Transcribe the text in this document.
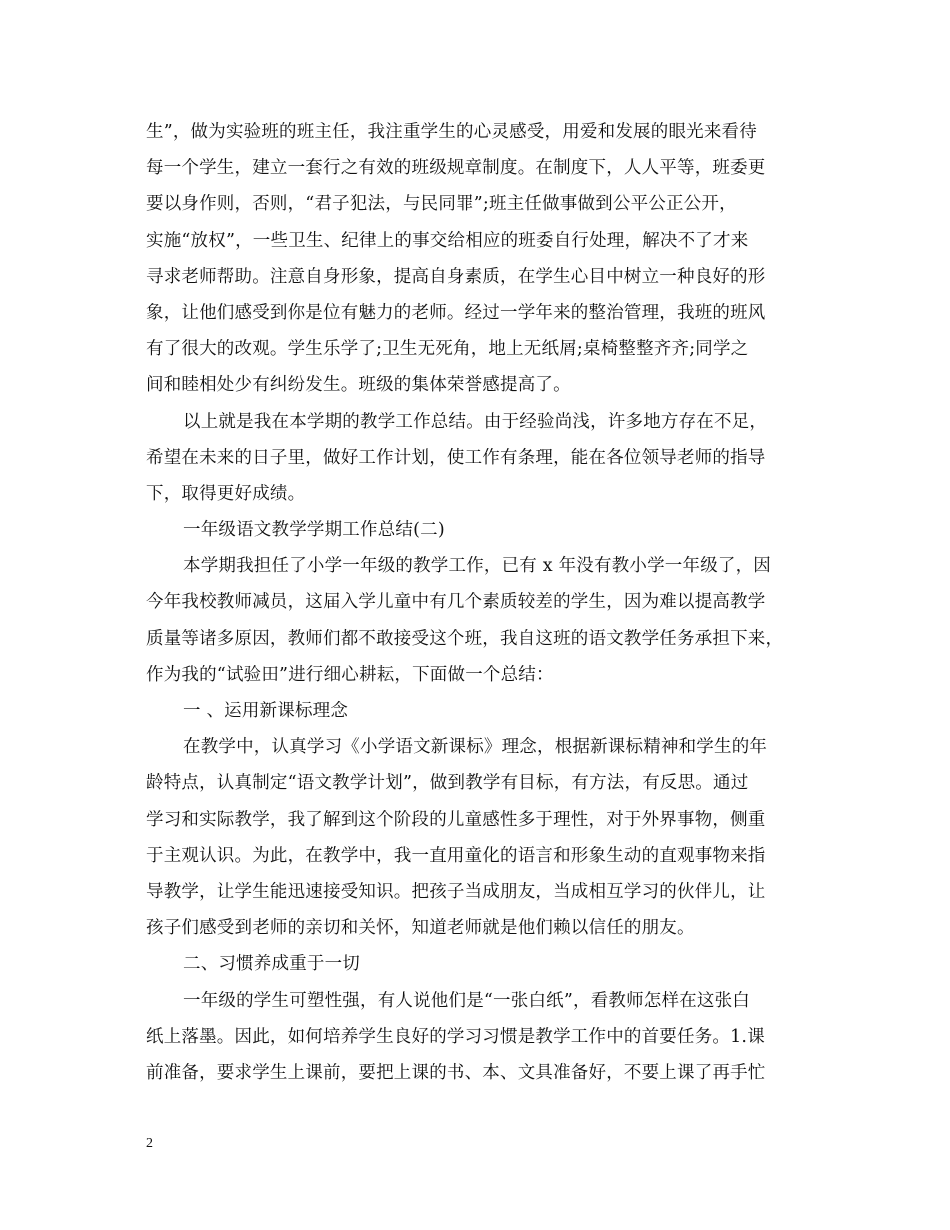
生”，做为实验班的班主任，我注重学生的心灵感受，用爱和发展的眼光来看待
每一个学生，建立一套行之有效的班级规章制度。在制度下，人人平等，班委更
要以身作则，否则，“君子犯法，与民同罪”;班主任做事做到公平公正公开，
实施“放权”，一些卫生、纪律上的事交给相应的班委自行处理，解决不了才来
寻求老师帮助。注意自身形象，提高自身素质，在学生心目中树立一种良好的形
象，让他们感受到你是位有魅力的老师。经过一学年来的整治管理，我班的班风
有了很大的改观。学生乐学了;卫生无死角，地上无纸屑;桌椅整整齐齐;同学之
间和睦相处少有纠纷发生。班级的集体荣誉感提高了。
以上就是我在本学期的教学工作总结。由于经验尚浅，许多地方存在不足，
希望在未来的日子里，做好工作计划，使工作有条理，能在各位领导老师的指导
下，取得更好成绩。
一年级语文教学学期工作总结(二)
本学期我担任了小学一年级的教学工作，已有 x 年没有教小学一年级了，因
今年我校教师减员，这届入学儿童中有几个素质较差的学生，因为难以提高教学
质量等诸多原因，教师们都不敢接受这个班，我自这班的语文教学任务承担下来，
作为我的“试验田”进行细心耕耘，下面做一个总结：
一 、运用新课标理念
在教学中，认真学习《小学语文新课标》理念，根据新课标精神和学生的年
龄特点，认真制定“语文教学计划”，做到教学有目标，有方法，有反思。通过
学习和实际教学，我了解到这个阶段的儿童感性多于理性，对于外界事物，侧重
于主观认识。为此，在教学中，我一直用童化的语言和形象生动的直观事物来指
导教学，让学生能迅速接受知识。把孩子当成朋友，当成相互学习的伙伴儿，让
孩子们感受到老师的亲切和关怀，知道老师就是他们赖以信任的朋友。
二、习惯养成重于一切
一年级的学生可塑性强，有人说他们是“一张白纸”，看教师怎样在这张白
纸上落墨。因此，如何培养学生良好的学习习惯是教学工作中的首要任务。1.课
前准备，要求学生上课前，要把上课的书、本、文具准备好，不要上课了再手忙
2
